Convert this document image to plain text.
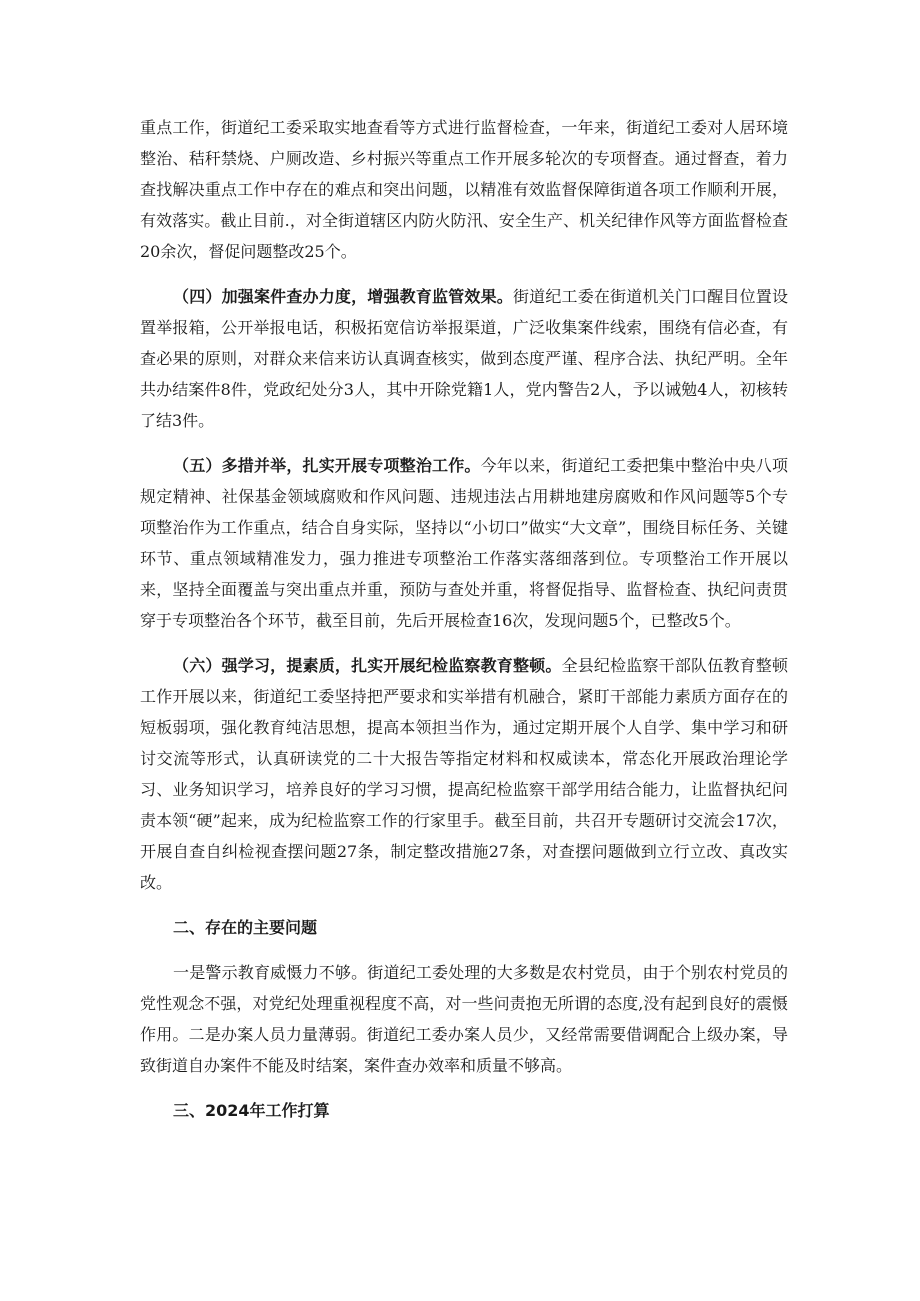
重点工作，街道纪工委采取实地查看等方式进行监督检查，一年来，街道纪工委对人居环境整治、秸秆禁烧、户厕改造、乡村振兴等重点工作开展多轮次的专项督查。通过督查，着力查找解决重点工作中存在的难点和突出问题，以精准有效监督保障街道各项工作顺利开展，有效落实。截止目前.，对全街道辖区内防火防汛、安全生产、机关纪律作风等方面监督检查20余次，督促问题整改25个。

（四）加强案件查办力度，增强教育监管效果。街道纪工委在街道机关门口醒目位置设置举报箱，公开举报电话，积极拓宽信访举报渠道，广泛收集案件线索，围绕有信必查，有查必果的原则，对群众来信来访认真调查核实，做到态度严谨、程序合法、执纪严明。全年共办结案件8件，党政纪处分3人，其中开除党籍1人，党内警告2人，予以诫勉4人，初核转了结3件。

（五）多措并举，扎实开展专项整治工作。今年以来，街道纪工委把集中整治中央八项规定精神、社保基金领域腐败和作风问题、违规违法占用耕地建房腐败和作风问题等5个专项整治作为工作重点，结合自身实际，坚持以“小切口”做实“大文章”，围绕目标任务、关键环节、重点领域精准发力，强力推进专项整治工作落实落细落到位。专项整治工作开展以来，坚持全面覆盖与突出重点并重，预防与查处并重，将督促指导、监督检查、执纪问责贯穿于专项整治各个环节，截至目前，先后开展检查16次，发现问题5个，已整改5个。

（六）强学习，提素质，扎实开展纪检监察教育整顿。全县纪检监察干部队伍教育整顿工作开展以来，街道纪工委坚持把严要求和实举措有机融合，紧盯干部能力素质方面存在的短板弱项，强化教育纯洁思想，提高本领担当作为，通过定期开展个人自学、集中学习和研讨交流等形式，认真研读党的二十大报告等指定材料和权威读本，常态化开展政治理论学习、业务知识学习，培养良好的学习习惯，提高纪检监察干部学用结合能力，让监督执纪问责本领“硬”起来，成为纪检监察工作的行家里手。截至目前，共召开专题研讨交流会17次，开展自查自纠检视查摆问题27条，制定整改措施27条，对查摆问题做到立行立改、真改实改。

二、存在的主要问题

一是警示教育威慑力不够。街道纪工委处理的大多数是农村党员，由于个别农村党员的党性观念不强，对党纪处理重视程度不高，对一些问责抱无所谓的态度,没有起到良好的震慑作用。二是办案人员力量薄弱。街道纪工委办案人员少，又经常需要借调配合上级办案，导致街道自办案件不能及时结案，案件查办效率和质量不够高。

三、2024年工作打算
